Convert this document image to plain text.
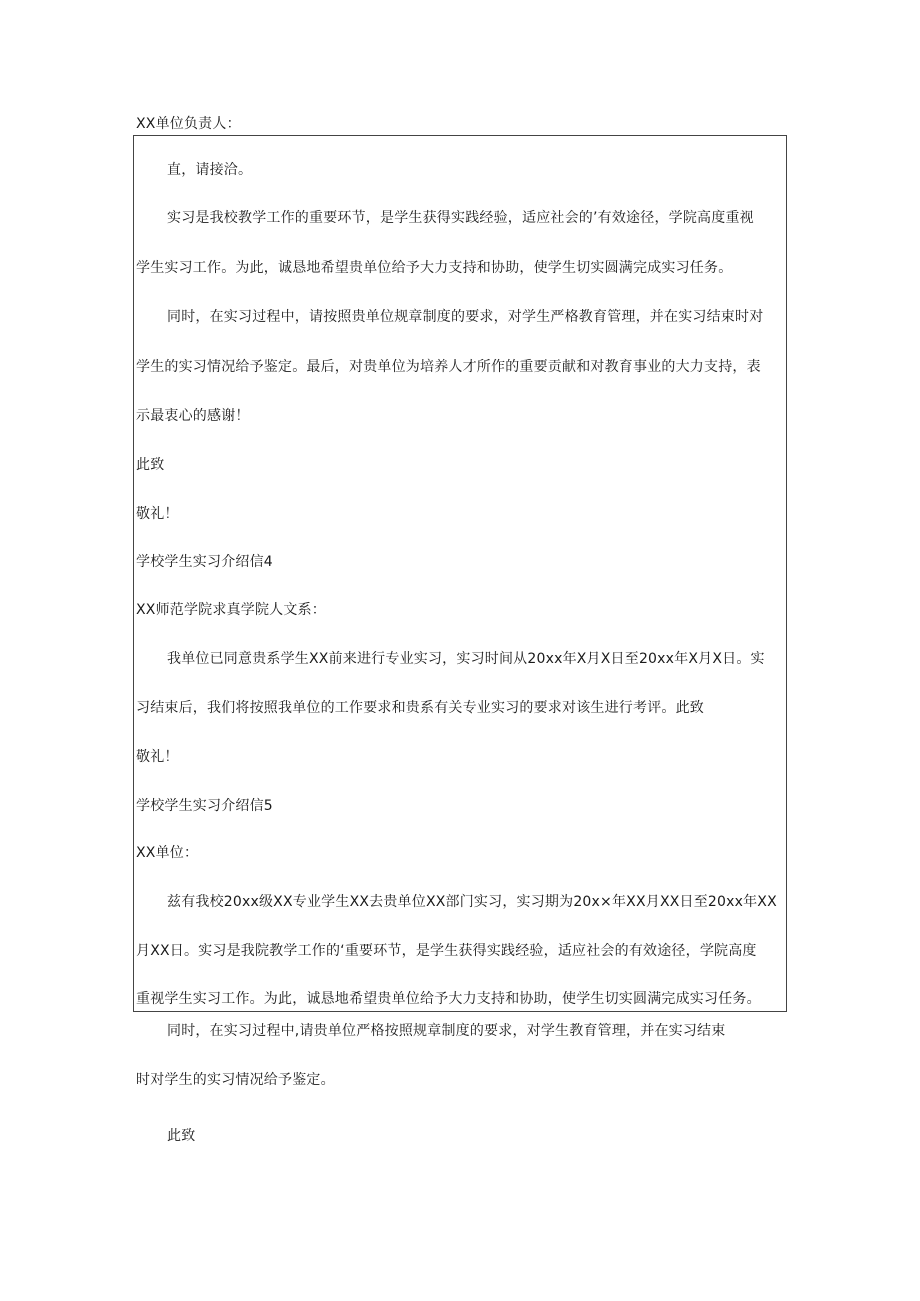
XX单位负责人：
直，请接洽。
实习是我校教学工作的重要环节，是学生获得实践经验，适应社会的’有效途径，学院高度重视
学生实习工作。为此，诚恳地希望贵单位给予大力支持和协助，使学生切实圆满完成实习任务。
同时，在实习过程中，请按照贵单位规章制度的要求，对学生严格教育管理，并在实习结束时对
学生的实习情况给予鉴定。最后，对贵单位为培养人才所作的重要贡献和对教育事业的大力支持，表
示最衷心的感谢！
此致
敬礼！
学校学生实习介绍信4
XX师范学院求真学院人文系：
我单位已同意贵系学生XX前来进行专业实习，实习时间从20xx年X月X日至20xx年X月X日。实
习结束后，我们将按照我单位的工作要求和贵系有关专业实习的要求对该生进行考评。此致
敬礼！
学校学生实习介绍信5
XX单位：
兹有我校20xx级XX专业学生XX去贵单位XX部门实习，实习期为20x×年XX月XX日至20xx年XX
月XX日。实习是我院教学工作的‘重要环节，是学生获得实践经验，适应社会的有效途径，学院高度
重视学生实习工作。为此，诚恳地希望贵单位给予大力支持和协助，使学生切实圆满完成实习任务。
同时，在实习过程中,请贵单位严格按照规章制度的要求，对学生教育管理，并在实习结束
时对学生的实习情况给予鉴定。
此致
